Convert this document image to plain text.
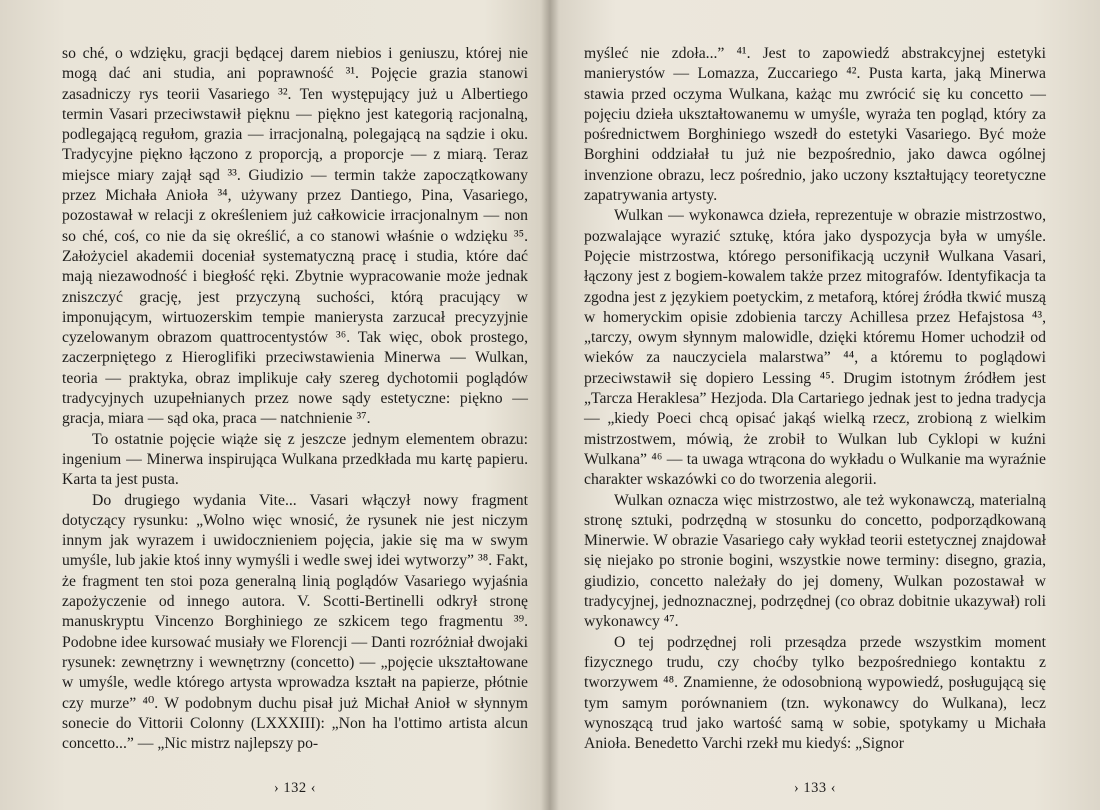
so ché, o wdzięku, gracji będącej darem niebios i geniuszu, której nie mogą dać ani studia, ani poprawność ³¹. Pojęcie grazia stanowi zasadniczy rys teorii Vasariego ³². Ten występujący już u Albertiego termin Vasari przeciwstawił pięknu — piękno jest kategorią racjonalną, podlegającą regułom, grazia — irracjonalną, polegającą na sądzie i oku. Tradycyjne piękno łączono z proporcją, a proporcje — z miarą. Teraz miejsce miary zajął sąd ³³. Giudizio — termin także zapoczątkowany przez Michała Anioła ³⁴, używany przez Dantiego, Pina, Vasariego, pozostawał w relacji z określeniem już całkowicie irracjonalnym — non so ché, coś, co nie da się określić, a co stanowi właśnie o wdzięku ³⁵. Założyciel akademii doceniał systematyczną pracę i studia, które dać mają niezawodność i biegłość ręki. Zbytnie wypracowanie może jednak zniszczyć grację, jest przyczyną suchości, którą pracujący w imponującym, wirtuozerskim tempie manierysta zarzucał precyzyjnie cyzelowanym obrazom quattrocentystów ³⁶. Tak więc, obok prostego, zaczerpniętego z Hieroglifiki przeciwstawienia Minerwa — Wulkan, teoria — praktyka, obraz implikuje cały szereg dychotomii poglądów tradycyjnych uzupełnianych przez nowe sądy estetyczne: piękno — gracja, miara — sąd oka, praca — natchnienie ³⁷.

To ostatnie pojęcie wiąże się z jeszcze jednym elementem obrazu: ingenium — Minerwa inspirująca Wulkana przedkłada mu kartę papieru. Karta ta jest pusta.

Do drugiego wydania Vite... Vasari włączył nowy fragment dotyczący rysunku: „Wolno więc wnosić, że rysunek nie jest niczym innym jak wyrazem i uwidocznieniem pojęcia, jakie się ma w swym umyśle, lub jakie ktoś inny wymyśli i wedle swej idei wytworzy” ³⁸. Fakt, że fragment ten stoi poza generalną linią poglądów Vasariego wyjaśnia zapożyczenie od innego autora. V. Scotti-Bertinelli odkrył stronę manuskryptu Vincenzo Borghiniego ze szkicem tego fragmentu ³⁹. Podobne idee kursować musiały we Florencji — Danti rozróżniał dwojaki rysunek: zewnętrzny i wewnętrzny (concetto) — „pojęcie ukształtowane w umyśle, wedle którego artysta wprowadza kształt na papierze, płótnie czy murze” ⁴⁰. W podobnym duchu pisał już Michał Anioł w słynnym sonecie do Vittorii Colonny (LXXXIII): „Non ha l'ottimo artista alcun concetto...” — „Nic mistrz najlepszy po-

› 132 ‹

myśleć nie zdoła...” ⁴¹. Jest to zapowiedź abstrakcyjnej estetyki manierystów — Lomazza, Zuccariego ⁴². Pusta karta, jaką Minerwa stawia przed oczyma Wulkana, każąc mu zwrócić się ku concetto — pojęciu dzieła ukształtowanemu w umyśle, wyraża ten pogląd, który za pośrednictwem Borghiniego wszedł do estetyki Vasariego. Być może Borghini oddziałał tu już nie bezpośrednio, jako dawca ogólnej invenzione obrazu, lecz pośrednio, jako uczony kształtujący teoretyczne zapatrywania artysty.

Wulkan — wykonawca dzieła, reprezentuje w obrazie mistrzostwo, pozwalające wyrazić sztukę, która jako dyspozycja była w umyśle. Pojęcie mistrzostwa, którego personifikacją uczynił Wulkana Vasari, łączony jest z bogiem-kowalem także przez mitografów. Identyfikacja ta zgodna jest z językiem poetyckim, z metaforą, której źródła tkwić muszą w homeryckim opisie zdobienia tarczy Achillesa przez Hefajstosa ⁴³, „tarczy, owym słynnym malowidle, dzięki któremu Homer uchodził od wieków za nauczyciela malarstwa” ⁴⁴, a któremu to poglądowi przeciwstawił się dopiero Lessing ⁴⁵. Drugim istotnym źródłem jest „Tarcza Heraklesa” Hezjoda. Dla Cartariego jednak jest to jedna tradycja — „kiedy Poeci chcą opisać jakąś wielką rzecz, zrobioną z wielkim mistrzostwem, mówią, że zrobił to Wulkan lub Cyklopi w kuźni Wulkana” ⁴⁶ — ta uwaga wtrącona do wykładu o Wulkanie ma wyraźnie charakter wskazówki co do tworzenia alegorii.

Wulkan oznacza więc mistrzostwo, ale też wykonawczą, materialną stronę sztuki, podrzędną w stosunku do concetto, podporządkowaną Minerwie. W obrazie Vasariego cały wykład teorii estetycznej znajdował się niejako po stronie bogini, wszystkie nowe terminy: disegno, grazia, giudizio, concetto należały do jej domeny, Wulkan pozostawał w tradycyjnej, jednoznacznej, podrzędnej (co obraz dobitnie ukazywał) roli wykonawcy ⁴⁷.

O tej podrzędnej roli przesądza przede wszystkim moment fizycznego trudu, czy choćby tylko bezpośredniego kontaktu z tworzywem ⁴⁸. Znamienne, że odosobnioną wypowiedź, posługującą się tym samym porównaniem (tzn. wykonawcy do Wulkana), lecz wynoszącą trud jako wartość samą w sobie, spotykamy u Michała Anioła. Benedetto Varchi rzekł mu kiedyś: „Signor

› 133 ‹
